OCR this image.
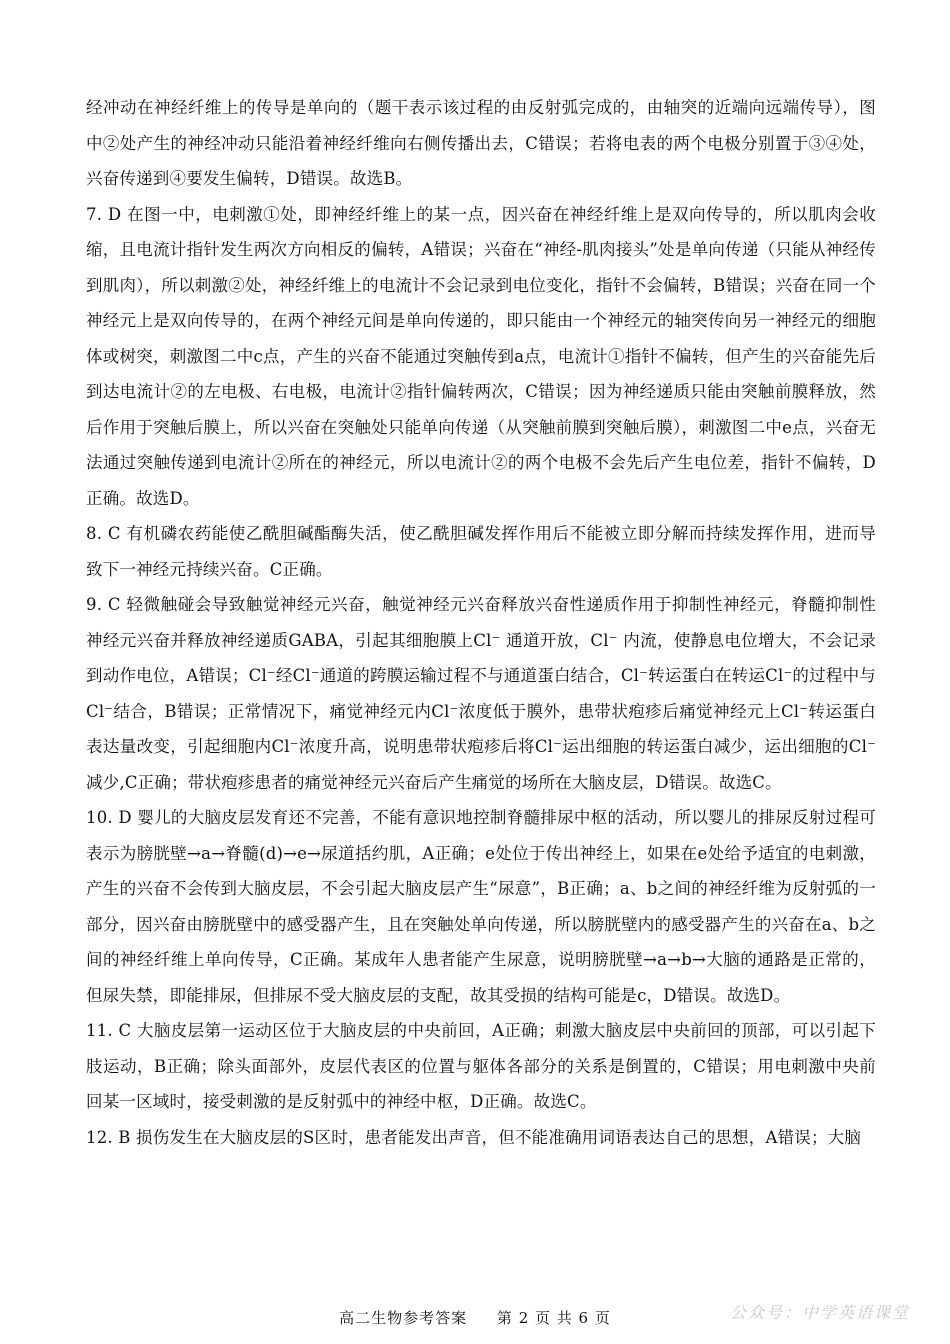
经冲动在神经纤维上的传导是单向的（题干表示该过程的由反射弧完成的，由轴突的近端向远端传导），图中②处产生的神经冲动只能沿着神经纤维向右侧传播出去，C错误；若将电表的两个电极分别置于③④处，兴奋传递到④要发生偏转，D错误。故选B。

7. D 在图一中，电刺激①处，即神经纤维上的某一点，因兴奋在神经纤维上是双向传导的，所以肌肉会收缩，且电流计指针发生两次方向相反的偏转，A错误；兴奋在“神经-肌肉接头”处是单向传递（只能从神经传到肌肉），所以刺激②处，神经纤维上的电流计不会记录到电位变化，指针不会偏转，B错误；兴奋在同一个神经元上是双向传导的，在两个神经元间是单向传递的，即只能由一个神经元的轴突传向另一神经元的细胞体或树突，刺激图二中c点，产生的兴奋不能通过突触传到a点，电流计①指针不偏转，但产生的兴奋能先后到达电流计②的左电极、右电极，电流计②指针偏转两次，C错误；因为神经递质只能由突触前膜释放，然后作用于突触后膜上，所以兴奋在突触处只能单向传递（从突触前膜到突触后膜），刺激图二中e点，兴奋无法通过突触传递到电流计②所在的神经元，所以电流计②的两个电极不会先后产生电位差，指针不偏转，D正确。故选D。

8. C 有机磷农药能使乙酰胆碱酯酶失活，使乙酰胆碱发挥作用后不能被立即分解而持续发挥作用，进而导致下一神经元持续兴奋。C正确。

9. C 轻微触碰会导致触觉神经元兴奋，触觉神经元兴奋释放兴奋性递质作用于抑制性神经元，脊髓抑制性神经元兴奋并释放神经递质GABA，引起其细胞膜上Cl⁻ 通道开放，Cl⁻ 内流，使静息电位增大，不会记录到动作电位，A错误；Cl⁻经Cl⁻通道的跨膜运输过程不与通道蛋白结合，Cl⁻转运蛋白在转运Cl⁻的过程中与Cl⁻结合，B错误；正常情况下，痛觉神经元内Cl⁻浓度低于膜外，患带状疱疹后痛觉神经元上Cl⁻转运蛋白表达量改变，引起细胞内Cl⁻浓度升高，说明患带状疱疹后将Cl⁻运出细胞的转运蛋白减少，运出细胞的Cl⁻减少,C正确；带状疱疹患者的痛觉神经元兴奋后产生痛觉的场所在大脑皮层，D错误。故选C。

10. D 婴儿的大脑皮层发育还不完善，不能有意识地控制脊髓排尿中枢的活动，所以婴儿的排尿反射过程可表示为膀胱壁→a→脊髓(d)→e→尿道括约肌，A正确；e处位于传出神经上，如果在e处给予适宜的电刺激，产生的兴奋不会传到大脑皮层，不会引起大脑皮层产生“尿意”，B正确；a、b之间的神经纤维为反射弧的一部分，因兴奋由膀胱壁中的感受器产生，且在突触处单向传递，所以膀胱壁内的感受器产生的兴奋在a、b之间的神经纤维上单向传导，C正确。某成年人患者能产生尿意，说明膀胱壁→a→b→大脑的通路是正常的，但尿失禁，即能排尿，但排尿不受大脑皮层的支配，故其受损的结构可能是c，D错误。故选D。

11. C 大脑皮层第一运动区位于大脑皮层的中央前回，A正确；刺激大脑皮层中央前回的顶部，可以引起下肢运动，B正确；除头面部外，皮层代表区的位置与躯体各部分的关系是倒置的，C错误；用电刺激中央前回某一区域时，接受刺激的是反射弧中的神经中枢，D正确。故选C。

12. B 损伤发生在大脑皮层的S区时，患者能发出声音，但不能准确用词语表达自己的思想，A错误；大脑

高二生物参考答案 第 2 页 共 6 页	公众号：中学英语课堂
